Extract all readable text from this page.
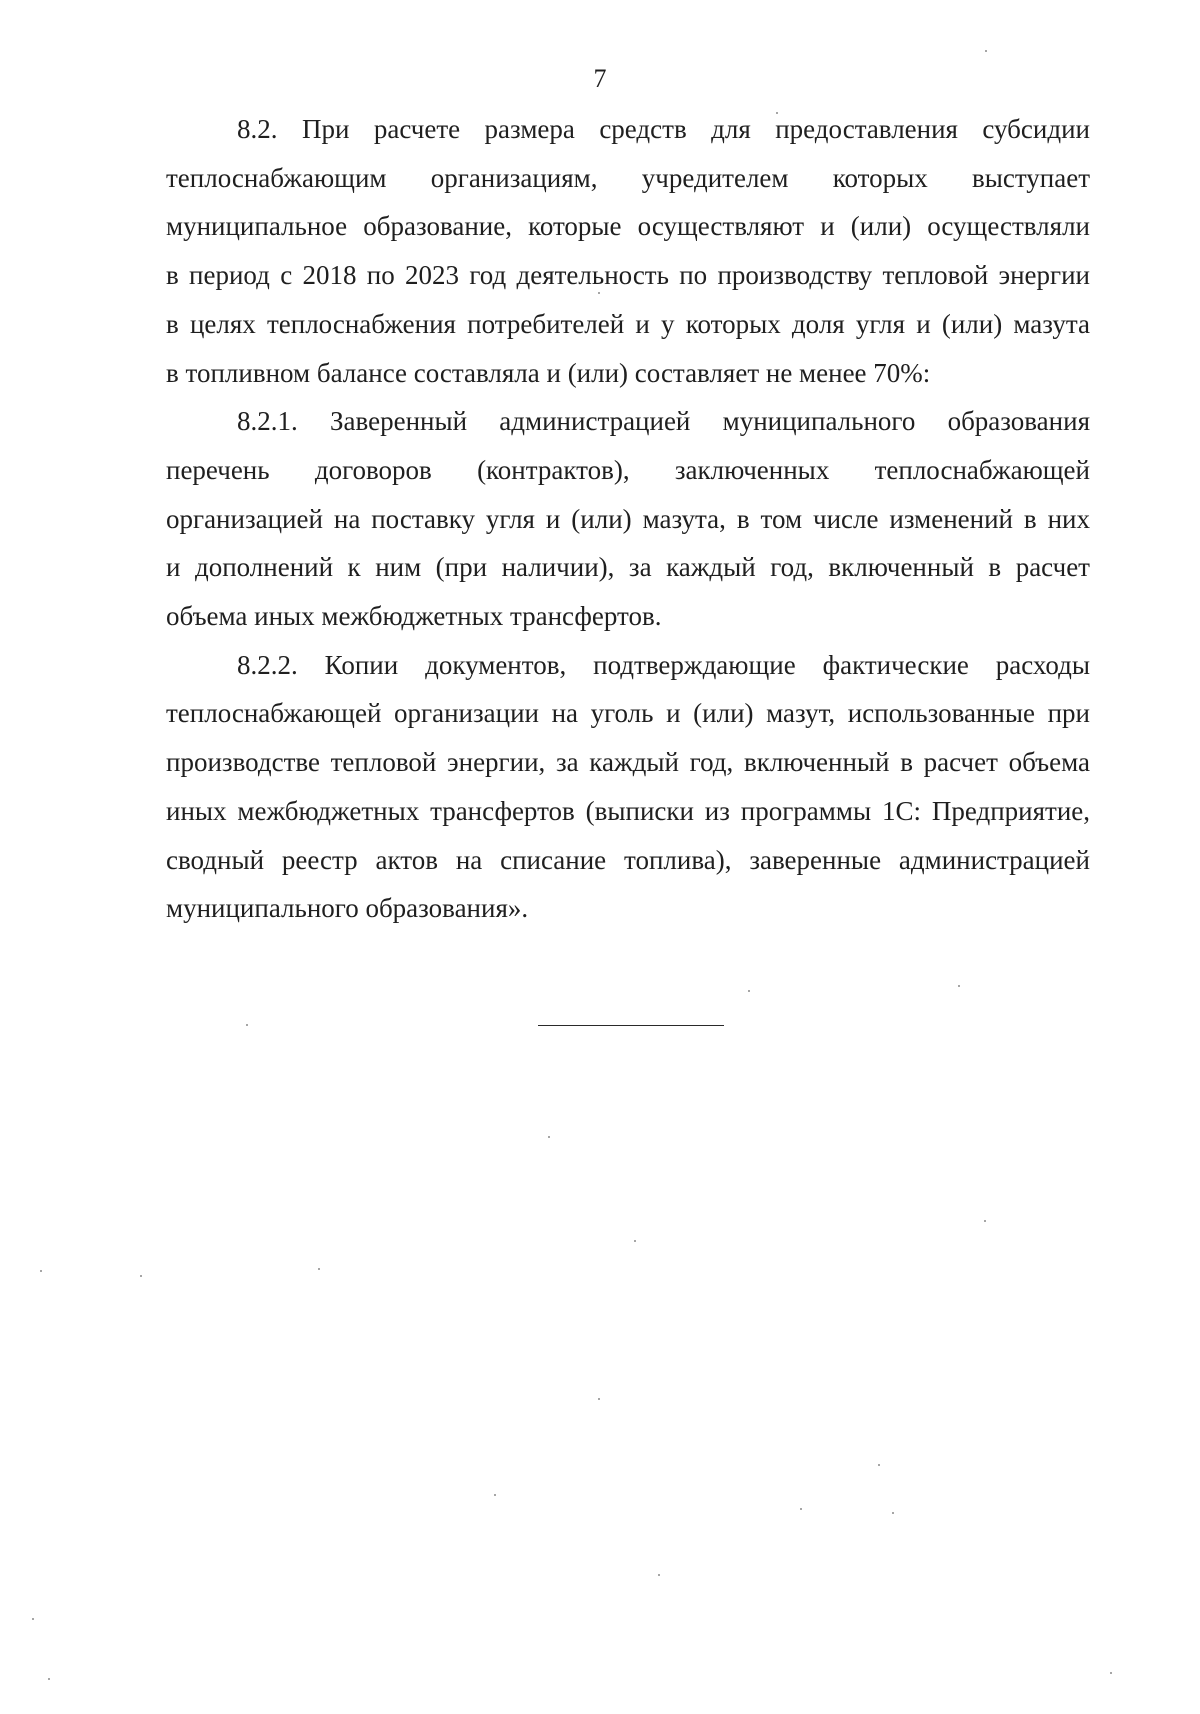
7

8.2. При расчете размера средств для предоставления субсидии
теплоснабжающим организациям, учредителем которых выступает
муниципальное образование, которые осуществляют и (или) осуществляли
в период с 2018 по 2023 год деятельность по производству тепловой энергии
в целях теплоснабжения потребителей и у которых доля угля и (или) мазута
в топливном балансе составляла и (или) составляет не менее 70%:

8.2.1. Заверенный администрацией муниципального образования
перечень договоров (контрактов), заключенных теплоснабжающей
организацией на поставку угля и (или) мазута, в том числе изменений в них
и дополнений к ним (при наличии), за каждый год, включенный в расчет
объема иных межбюджетных трансфертов.

8.2.2. Копии документов, подтверждающие фактические расходы
теплоснабжающей организации на уголь и (или) мазут, использованные при
производстве тепловой энергии, за каждый год, включенный в расчет объема
иных межбюджетных трансфертов (выписки из программы 1С: Предприятие,
сводный реестр актов на списание топлива), заверенные администрацией
муниципального образования».
